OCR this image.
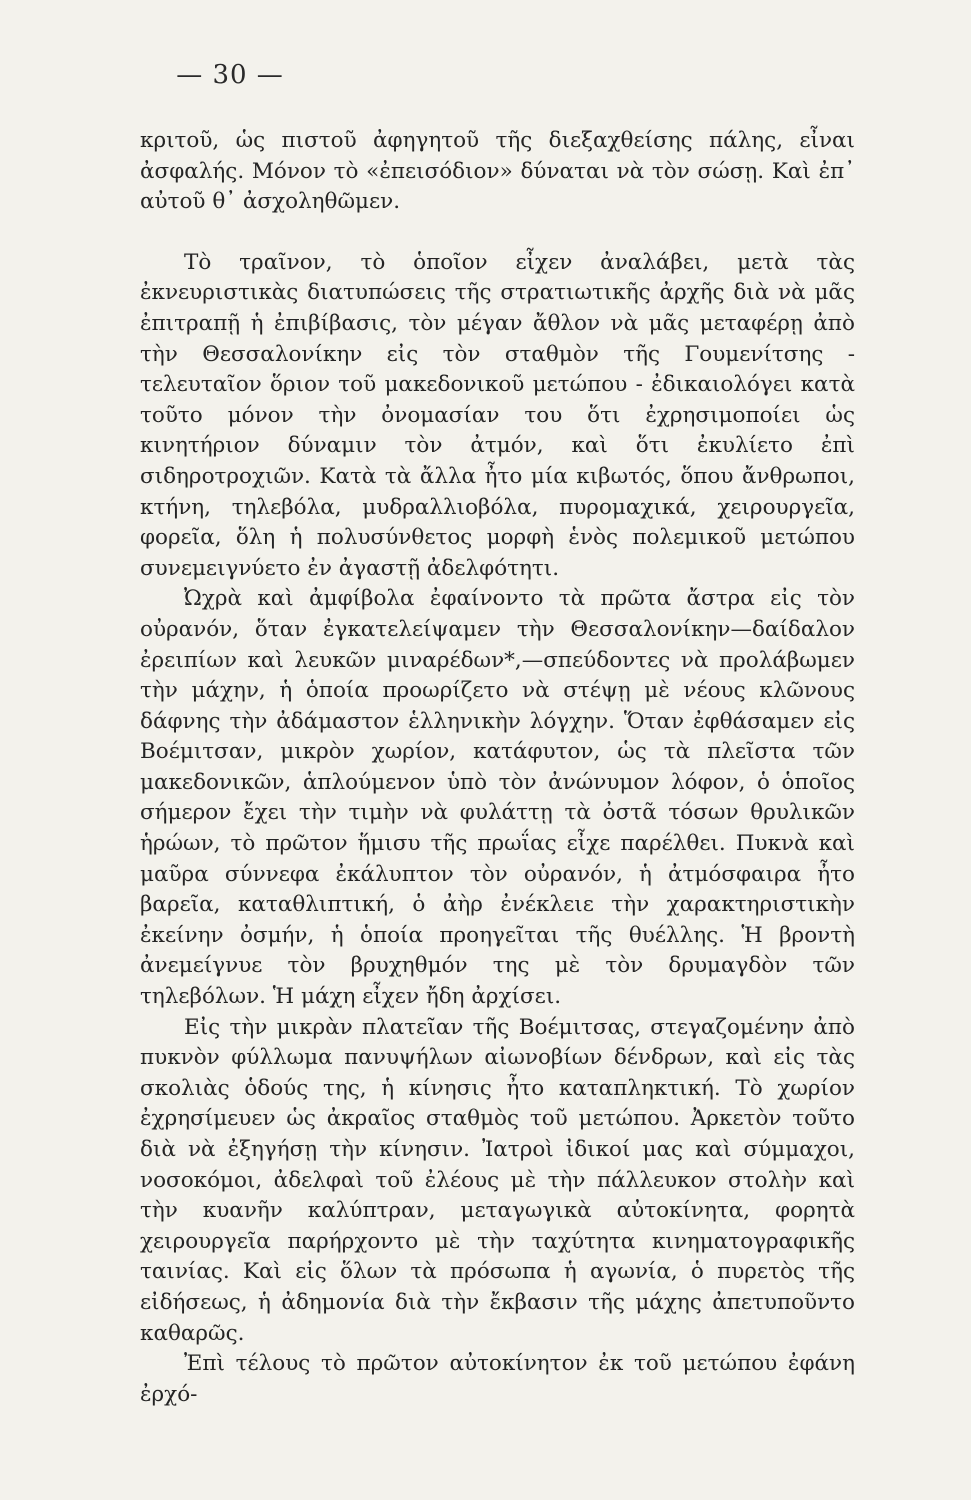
— 30 —

κριτοῦ, ὡς πιστοῦ ἀφηγητοῦ τῆς διεξαχθείσης πάλης, εἶναι ἀσφαλής. Μόνον τὸ «ἐπεισόδιον» δύναται νὰ τὸν σώσῃ. Καὶ ἐπ᾽ αὐτοῦ θ᾽ ἀσχοληθῶμεν.

Τὸ τραῖνον, τὸ ὁποῖον εἶχεν ἀναλάβει, μετὰ τὰς ἐκνευριστικὰς διατυπώσεις τῆς στρατιωτικῆς ἀρχῆς διὰ νὰ μᾶς ἐπιτραπῇ ἡ ἐπιβίβασις, τὸν μέγαν ἄθλον νὰ μᾶς μεταφέρῃ ἀπὸ τὴν Θεσσαλονίκην εἰς τὸν σταθμὸν τῆς Γουμενίτσης - τελευταῖον ὅριον τοῦ μακεδονικοῦ μετώπου - ἐδικαιολόγει κατὰ τοῦτο μόνον τὴν ὀνομασίαν του ὅτι ἐχρησιμοποίει ὡς κινητήριον δύναμιν τὸν ἀτμόν, καὶ ὅτι ἐκυλίετο ἐπὶ σιδηροτροχιῶν. Κατὰ τὰ ἄλλα ἦτο μία κιβωτός, ὅπου ἄνθρωποι, κτήνη, τηλεβόλα, μυδραλλιοβόλα, πυρομαχικά, χειρουργεῖα, φορεῖα, ὅλη ἡ πολυσύνθετος μορφὴ ἑνὸς πολεμικοῦ μετώπου συνεμειγνύετο ἐν ἀγαστῇ ἀδελφότητι.

Ὠχρὰ καὶ ἀμφίβολα ἐφαίνοντο τὰ πρῶτα ἄστρα εἰς τὸν οὐρανόν, ὅταν ἐγκατελείψαμεν τὴν Θεσσαλονίκην—δαίδαλον ἐρειπίων καὶ λευκῶν μιναρέδων*,—σπεύδοντες νὰ προλάβωμεν τὴν μάχην, ἡ ὁποία προωρίζετο νὰ στέψῃ μὲ νέους κλῶνους δάφνης τὴν ἀδάμαστον ἑλληνικὴν λόγχην. Ὅταν ἐφθάσαμεν εἰς Βοέμιτσαν, μικρὸν χωρίον, κατάφυτον, ὡς τὰ πλεῖστα τῶν μακεδονικῶν, ἁπλούμενον ὑπὸ τὸν ἀνώνυμον λόφον, ὁ ὁποῖος σήμερον ἔχει τὴν τιμὴν νὰ φυλάττῃ τὰ ὀστᾶ τόσων θρυλικῶν ἡρώων, τὸ πρῶτον ἥμισυ τῆς πρωΐας εἶχε παρέλθει. Πυκνὰ καὶ μαῦρα σύννεφα ἐκάλυπτον τὸν οὐρανόν, ἡ ἀτμόσφαιρα ἦτο βαρεῖα, καταθλιπτική, ὁ ἀὴρ ἐνέκλειε τὴν χαρακτηριστικὴν ἐκείνην ὀσμήν, ἡ ὁποία προηγεῖται τῆς θυέλλης. Ἡ βροντὴ ἀνεμείγνυε τὸν βρυχηθμόν της μὲ τὸν δρυμαγδὸν τῶν τηλεβόλων. Ἡ μάχη εἶχεν ἤδη ἀρχίσει.

Εἰς τὴν μικρὰν πλατεῖαν τῆς Βοέμιτσας, στεγαζομένην ἀπὸ πυκνὸν φύλλωμα πανυψήλων αἰωνοβίων δένδρων, καὶ εἰς τὰς σκολιὰς ὁδούς της, ἡ κίνησις ἦτο καταπληκτική. Τὸ χωρίον ἐχρησίμευεν ὡς ἀκραῖος σταθμὸς τοῦ μετώπου. Ἀρκετὸν τοῦτο διὰ νὰ ἐξηγήσῃ τὴν κίνησιν. Ἰατροὶ ἰδικοί μας καὶ σύμμαχοι, νοσοκόμοι, ἀδελφαὶ τοῦ ἐλέους μὲ τὴν πάλλευκον στολὴν καὶ τὴν κυανῆν καλύπτραν, μεταγωγικὰ αὐτοκίνητα, φορητὰ χειρουργεῖα παρήρχοντο μὲ τὴν ταχύτητα κινηματογραφικῆς ταινίας. Καὶ εἰς ὅλων τὰ πρόσωπα ἡ αγωνία, ὁ πυρετὸς τῆς εἰδήσεως, ἡ ἀδημονία διὰ τὴν ἔκβασιν τῆς μάχης ἀπετυποῦντο καθαρῶς.

Ἐπὶ τέλους τὸ πρῶτον αὐτοκίνητον ἐκ τοῦ μετώπου ἐφάνη ἐρχό-
